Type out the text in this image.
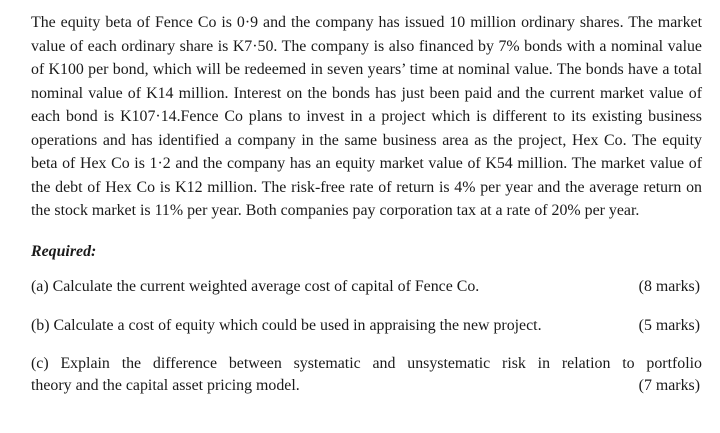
The equity beta of Fence Co is 0·9 and the company has issued 10 million ordinary shares. The market value of each ordinary share is K7·50. The company is also financed by 7% bonds with a nominal value of K100 per bond, which will be redeemed in seven years’ time at nominal value. The bonds have a total nominal value of K14 million. Interest on the bonds has just been paid and the current market value of each bond is K107·14.Fence Co plans to invest in a project which is different to its existing business operations and has identified a company in the same business area as the project, Hex Co. The equity beta of Hex Co is 1·2 and the company has an equity market value of K54 million. The market value of the debt of Hex Co is K12 million. The risk-free rate of return is 4% per year and the average return on the stock market is 11% per year. Both companies pay corporation tax at a rate of 20% per year.

Required:
(a) Calculate the current weighted average cost of capital of Fence Co.	(8 marks)
(b) Calculate a cost of equity which could be used in appraising the new project.	(5 marks)
(c) Explain the difference between systematic and unsystematic risk in relation to portfolio
theory and the capital asset pricing model.	(7 marks)
